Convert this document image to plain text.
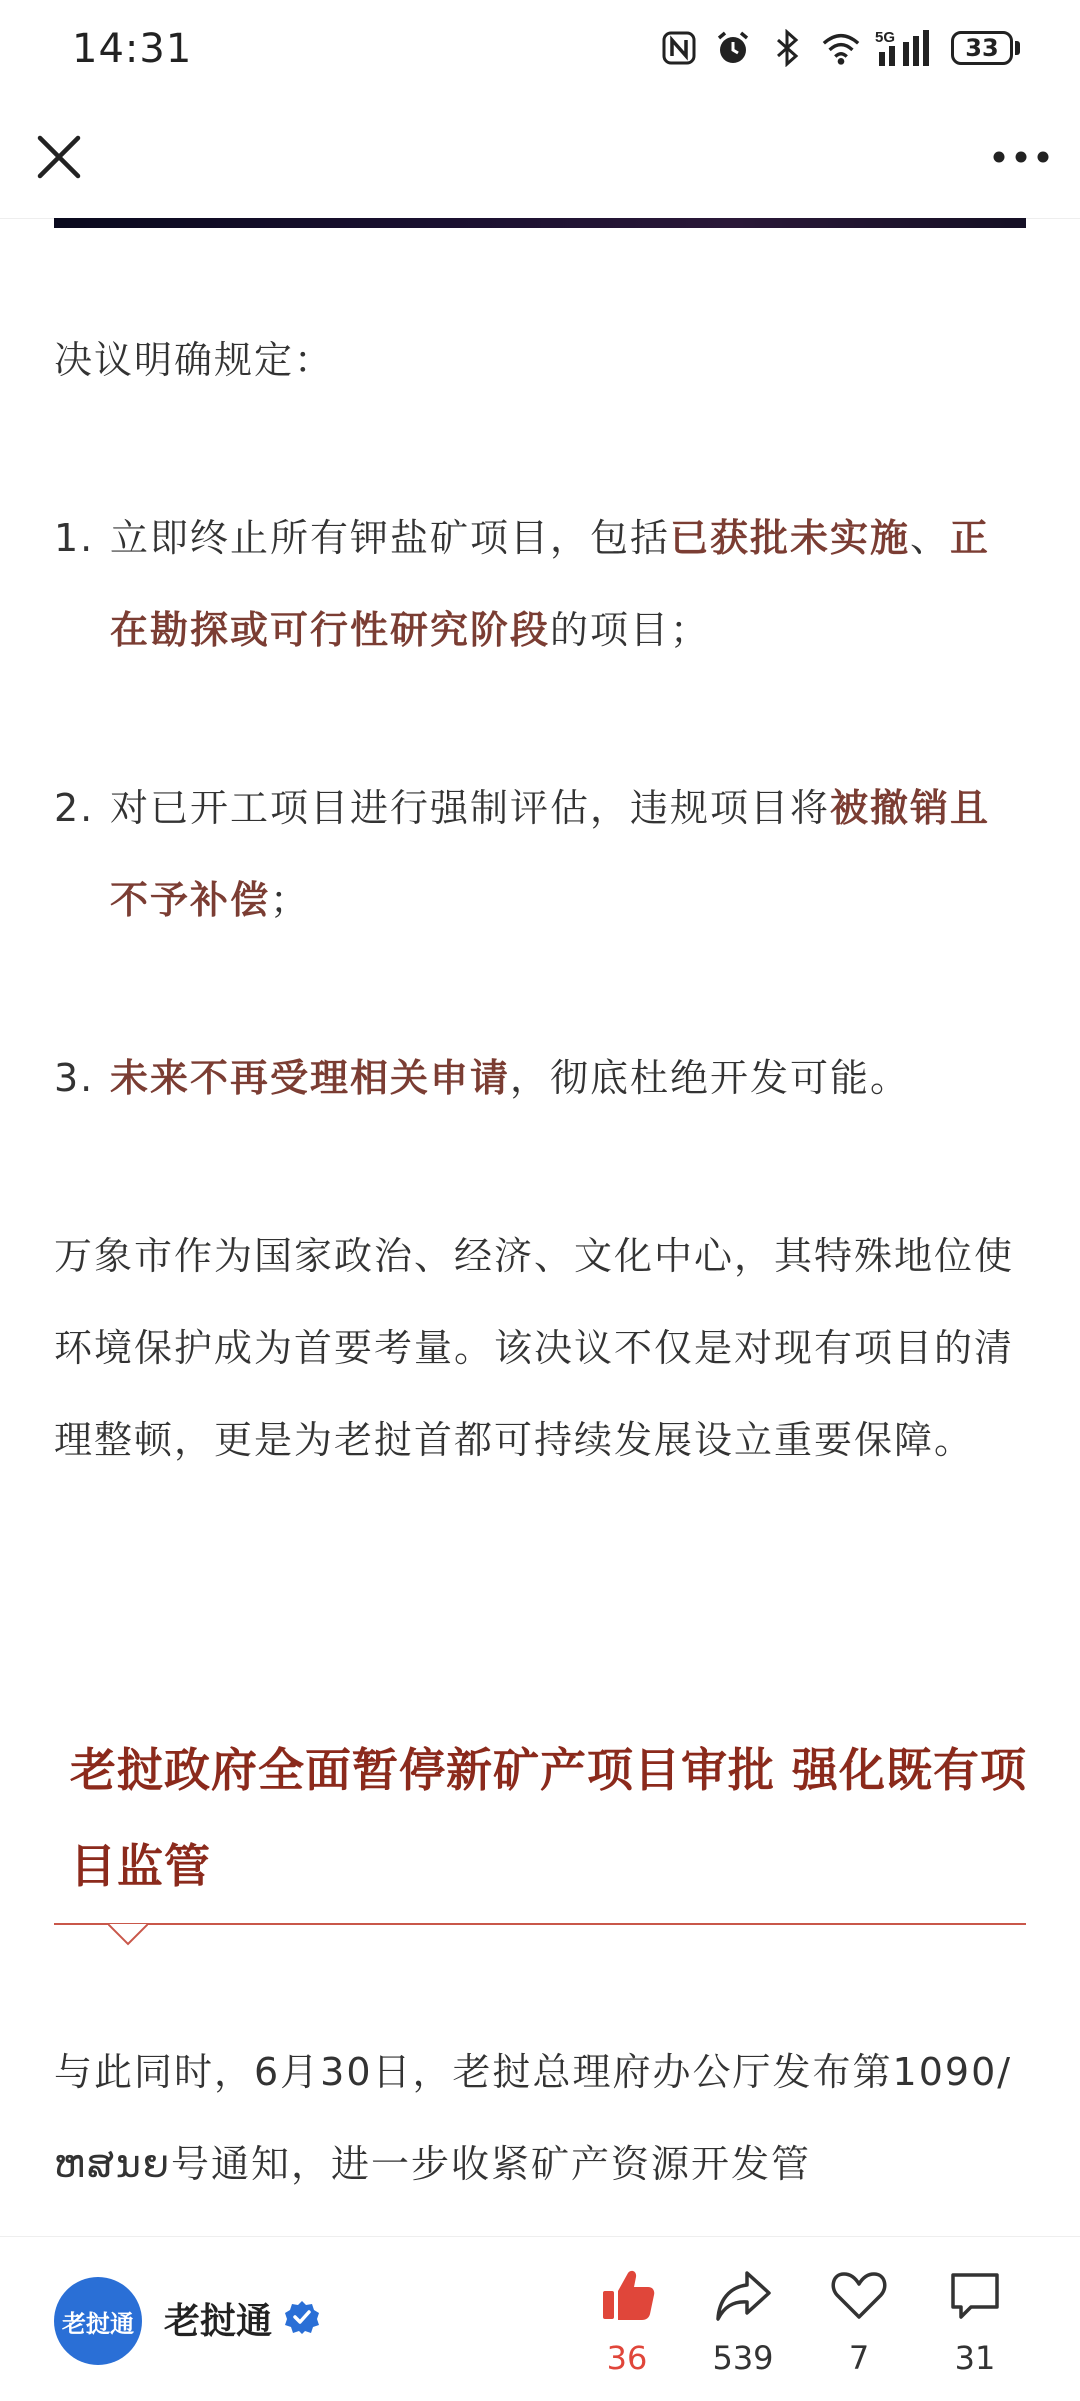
14:31	5G	33
决议明确规定：
1. 立即终止所有钾盐矿项目，包括已获批未实施、正在勘探或可行性研究阶段的项目；
2. 对已开工项目进行强制评估，违规项目将被撤销且不予补偿；
3. 未来不再受理相关申请，彻底杜绝开发可能。
万象市作为国家政治、经济、文化中心，其特殊地位使环境保护成为首要考量。该决议不仅是对现有项目的清理整顿，更是为老挝首都可持续发展设立重要保障。
老挝政府全面暂停新矿产项目审批 强化既有项目监管
与此同时，6月30日，老挝总理府办公厅发布第1090/ຫສນຍ号通知，进一步收紧矿产资源开发管
老挝通 老挝通
36	539	7	31
